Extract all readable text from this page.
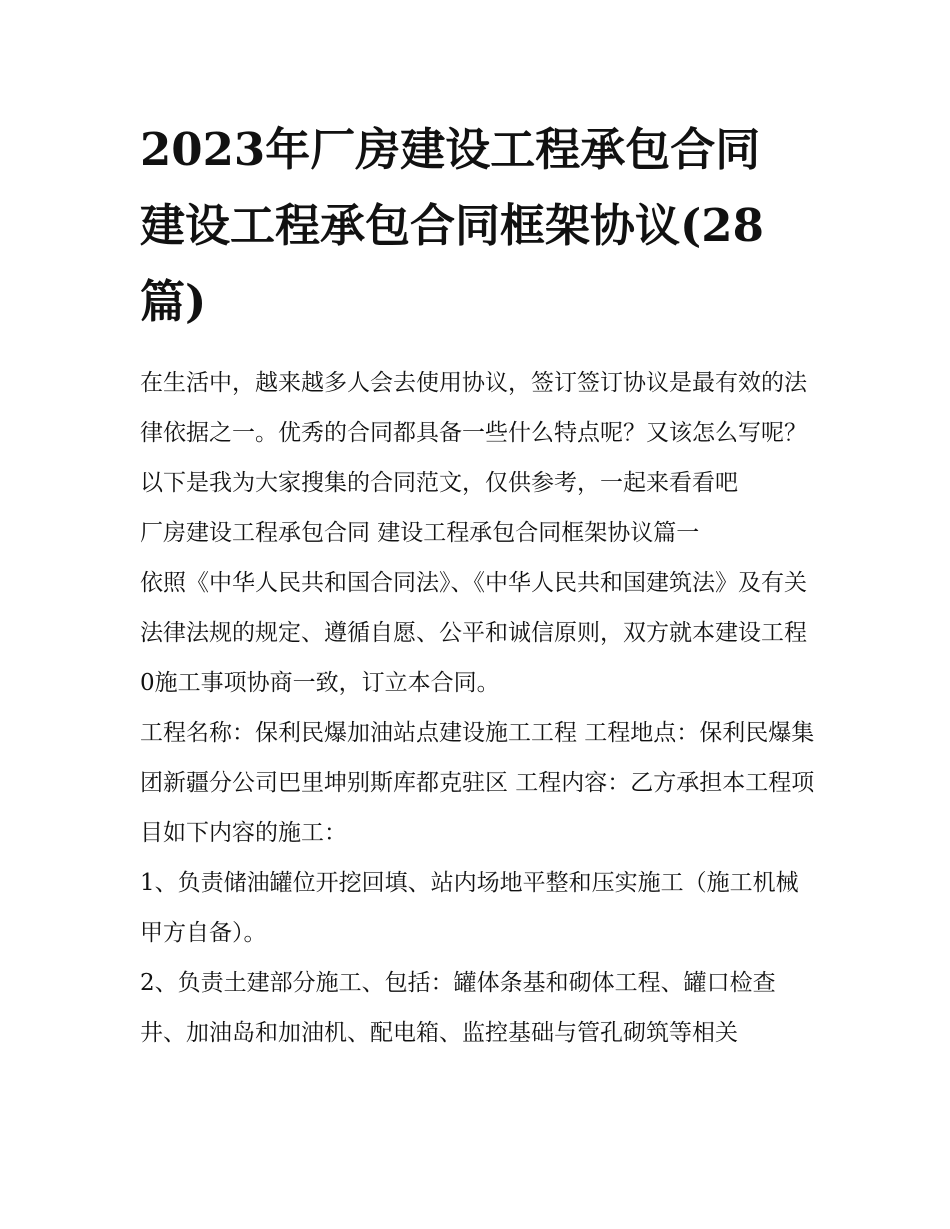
2023年厂房建设工程承包合同 建设工程承包合同框架协议(28篇)

在生活中，越来越多人会去使用协议，签订签订协议是最有效的法律依据之一。优秀的合同都具备一些什么特点呢？又该怎么写呢？以下是我为大家搜集的合同范文，仅供参考，一起来看看吧

厂房建设工程承包合同 建设工程承包合同框架协议篇一

依照《中华人民共和国合同法》、《中华人民共和国建筑法》及有关法律法规的规定、遵循自愿、公平和诚信原则，双方就本建设工程0施工事项协商一致，订立本合同。

工程名称：保利民爆加油站点建设施工工程 工程地点：保利民爆集团新疆分公司巴里坤别斯库都克驻区 工程内容：乙方承担本工程项目如下内容的施工：

1、负责储油罐位开挖回填、站内场地平整和压实施工（施工机械甲方自备）。

2、负责土建部分施工、包括：罐体条基和砌体工程、罐口检查井、加油岛和加油机、配电箱、监控基础与管孔砌筑等相关
